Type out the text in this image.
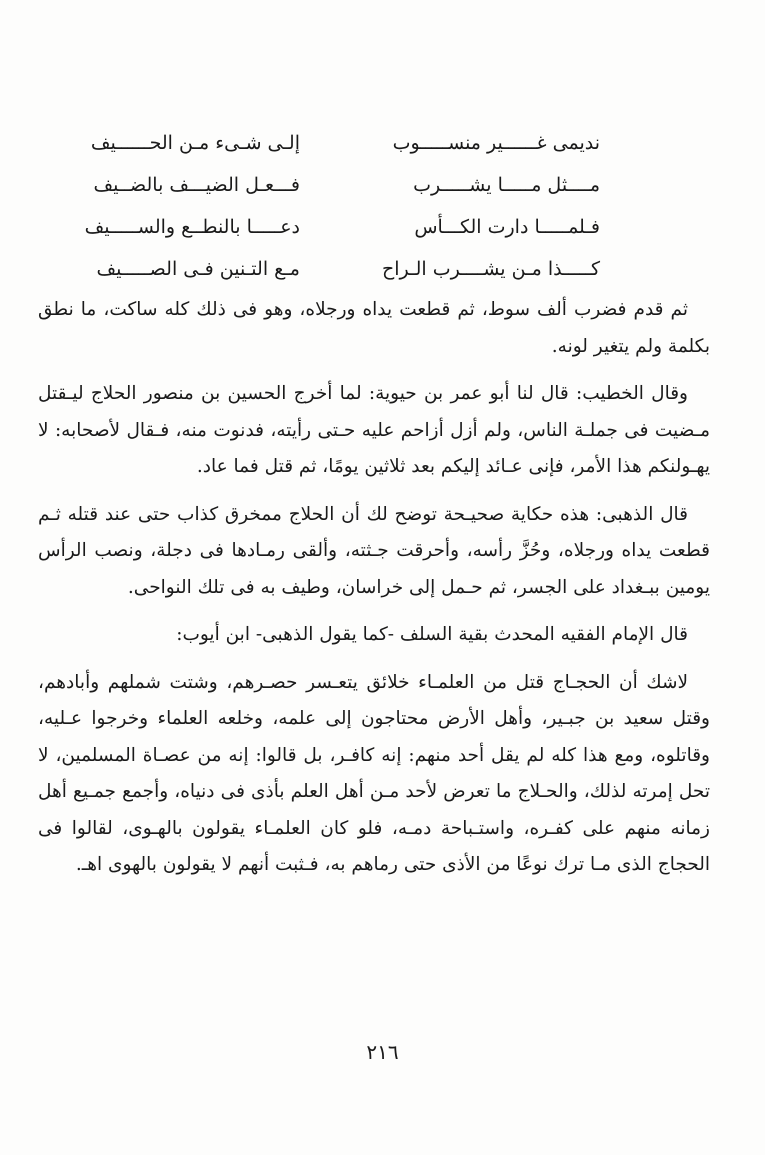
نديمى غــــــير منســـــوب
إلـى شـىء مـن الحــــــيف
مــــثل مـــــا يشـــــرب
فـــعـل الضيـــف بالضــيف
فـلمـــــا دارت الكـــأس
دعـــــا بالنطــع والســـــيف
كـــــذا مـن يشــــرب الـراح
مـع التـنين فـى الصـــــيف

ثم قدم فضرب ألف سوط، ثم قطعت يداه ورجلاه، وهو فى ذلك كله ساكت، ما نطق بكلمة ولم يتغير لونه.

وقال الخطيب: قال لنا أبو عمر بن حيوية: لما أخرج الحسين بن منصور الحلاج ليـقتل مـضيت فى جملـة الناس، ولم أزل أزاحم عليه حـتى رأيته، فدنوت منه، فـقال لأصحابه: لا يهـولنكم هذا الأمر، فإنى عـائد إليكم بعد ثلاثين يومًا، ثم قتل فما عاد.

قال الذهبى: هذه حكاية صحيـحة توضح لك أن الحلاج ممخرق كذاب حتى عند قتله ثـم قطعت يداه ورجلاه، وحُزَّ رأسه، وأحرقت جـثته، وألقى رمـادها فى دجلة، ونصب الرأس يومين ببـغداد على الجسر، ثم حـمل إلى خراسان، وطيف به فى تلك النواحى.

قال الإمام الفقيه المحدث بقية السلف -كما يقول الذهبى- ابن أيوب:

لاشك أن الحجـاج قتل من العلمـاء خلائق يتعـسر حصـرهم، وشتت شملهم وأبادهم، وقتل سعيد بن جبـير، وأهل الأرض محتاجون إلى علمه، وخلعه العلماء وخرجوا عـليه، وقاتلوه، ومع هذا كله لم يقل أحد منهم: إنه كافـر، بل قالوا: إنه من عصـاة المسلمين، لا تحل إمرته لذلك، والحـلاج ما تعرض لأحد مـن أهل العلم بأذى فى دنياه، وأجمع جمـيع أهل زمانه منهم على كفـره، واستـباحة دمـه، فلو كان العلمـاء يقولون بالهـوى، لقالوا فى الحجاج الذى مـا ترك نوعًا من الأذى حتى رماهم به، فـثبت أنهم لا يقولون بالهوى اهـ.

٢١٦
